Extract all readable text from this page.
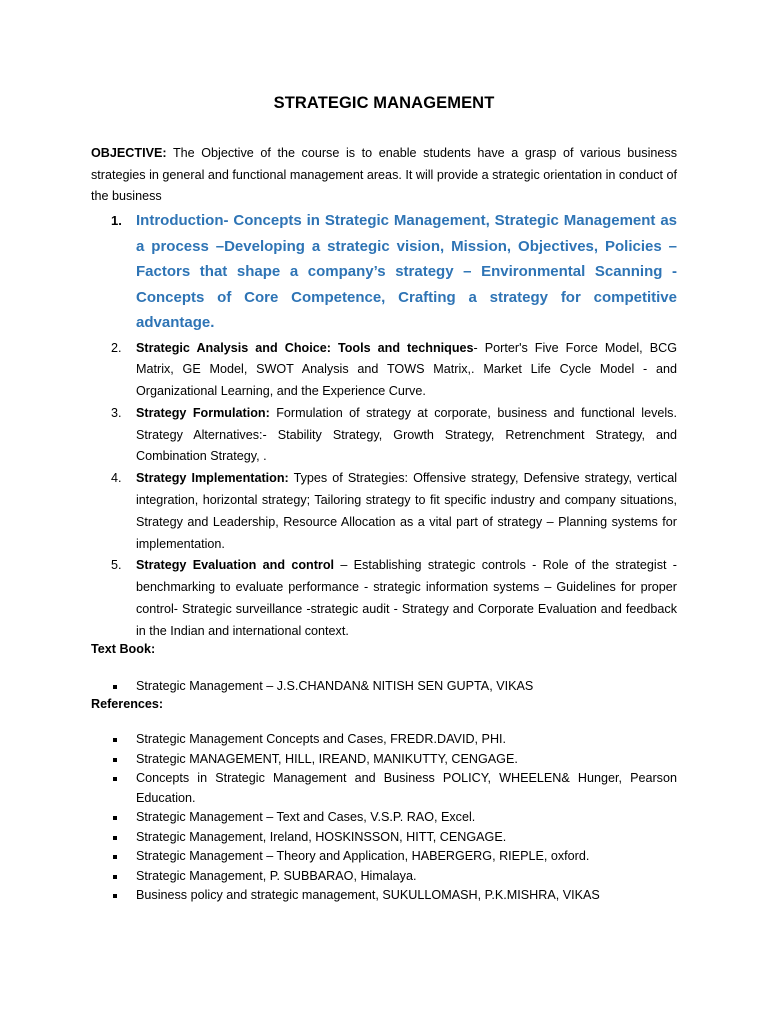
STRATEGIC MANAGEMENT
OBJECTIVE: The Objective of the course is to enable students have a grasp of various business strategies in general and functional management areas. It will provide a strategic orientation in conduct of the business
1. Introduction- Concepts in Strategic Management, Strategic Management as a process –Developing a strategic vision, Mission, Objectives, Policies – Factors that shape a company’s strategy – Environmental Scanning - Concepts of Core Competence, Crafting a strategy for competitive advantage.
2. Strategic Analysis and Choice: Tools and techniques- Porter's Five Force Model, BCG Matrix, GE Model, SWOT Analysis and TOWS Matrix,. Market Life Cycle Model - and Organizational Learning, and the Experience Curve.
3. Strategy Formulation: Formulation of strategy at corporate, business and functional levels. Strategy Alternatives:- Stability Strategy, Growth Strategy, Retrenchment Strategy, and Combination Strategy, .
4. Strategy Implementation: Types of Strategies: Offensive strategy, Defensive strategy, vertical integration, horizontal strategy; Tailoring strategy to fit specific industry and company situations, Strategy and Leadership, Resource Allocation as a vital part of strategy – Planning systems for implementation.
5. Strategy Evaluation and control – Establishing strategic controls - Role of the strategist - benchmarking to evaluate performance - strategic information systems – Guidelines for proper control- Strategic surveillance -strategic audit - Strategy and Corporate Evaluation and feedback in the Indian and international context.
Text Book:
Strategic Management – J.S.CHANDAN& NITISH SEN GUPTA, VIKAS
References:
Strategic Management Concepts and Cases, FREDR.DAVID, PHI.
Strategic MANAGEMENT, HILL, IREAND, MANIKUTTY, CENGAGE.
Concepts in Strategic Management and Business POLICY, WHEELEN& Hunger, Pearson Education.
Strategic Management – Text and Cases, V.S.P. RAO, Excel.
Strategic Management, Ireland, HOSKINSSON, HITT, CENGAGE.
Strategic Management – Theory and Application, HABERGERG, RIEPLE, oxford.
Strategic Management, P. SUBBARAO, Himalaya.
Business policy and strategic management, SUKULLOMASH, P.K.MISHRA, VIKAS
